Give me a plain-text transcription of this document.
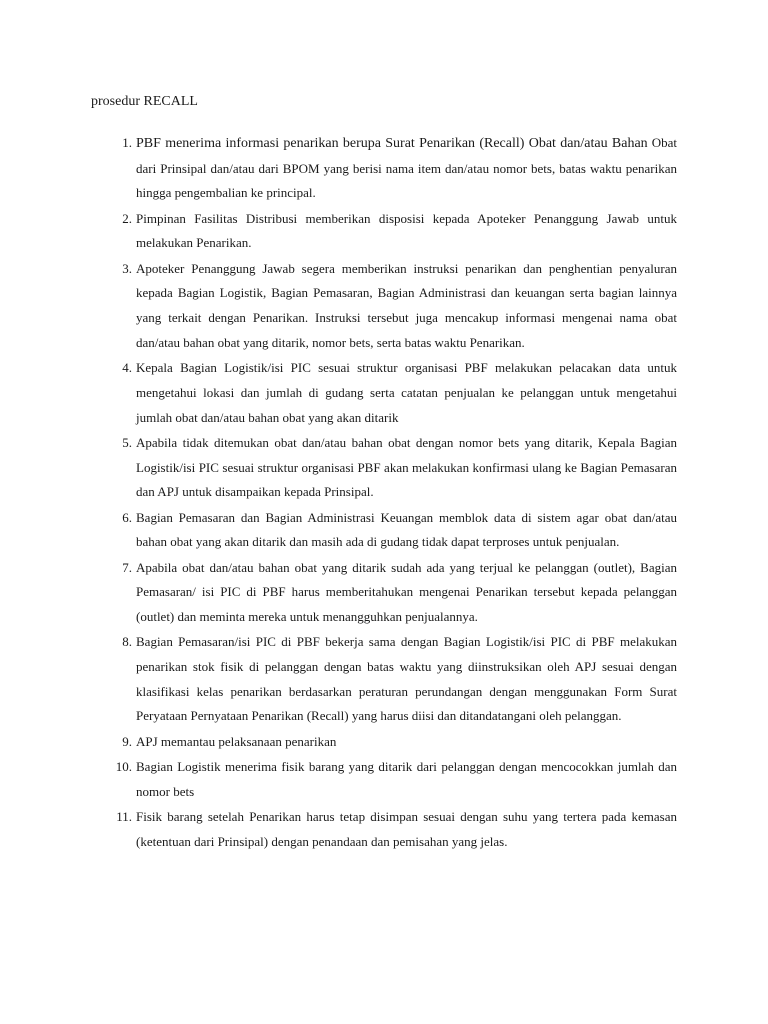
prosedur RECALL
1. PBF menerima informasi penarikan berupa Surat Penarikan (Recall) Obat dan/atau Bahan Obat dari Prinsipal dan/atau dari BPOM yang berisi nama item dan/atau nomor bets, batas waktu penarikan hingga pengembalian ke principal.
2. Pimpinan Fasilitas Distribusi memberikan disposisi kepada Apoteker Penanggung Jawab untuk melakukan Penarikan.
3. Apoteker Penanggung Jawab segera memberikan instruksi penarikan dan penghentian penyaluran kepada Bagian Logistik, Bagian Pemasaran, Bagian Administrasi dan keuangan serta bagian lainnya yang terkait dengan Penarikan. Instruksi tersebut juga mencakup informasi mengenai nama obat dan/atau bahan obat yang ditarik, nomor bets, serta batas waktu Penarikan.
4. Kepala Bagian Logistik/isi PIC sesuai struktur organisasi PBF melakukan pelacakan data untuk mengetahui lokasi dan jumlah di gudang serta catatan penjualan ke pelanggan untuk mengetahui jumlah obat dan/atau bahan obat yang akan ditarik
5. Apabila tidak ditemukan obat dan/atau bahan obat dengan nomor bets yang ditarik, Kepala Bagian Logistik/isi PIC sesuai struktur organisasi PBF akan melakukan konfirmasi ulang ke Bagian Pemasaran dan APJ untuk disampaikan kepada Prinsipal.
6. Bagian Pemasaran dan Bagian Administrasi Keuangan memblok data di sistem agar obat dan/atau bahan obat yang akan ditarik dan masih ada di gudang tidak dapat terproses untuk penjualan.
7. Apabila obat dan/atau bahan obat yang ditarik sudah ada yang terjual ke pelanggan (outlet), Bagian Pemasaran/ isi PIC di PBF harus memberitahukan mengenai Penarikan tersebut kepada pelanggan (outlet) dan meminta mereka untuk menangguhkan penjualannya.
8. Bagian Pemasaran/isi PIC di PBF bekerja sama dengan Bagian Logistik/isi PIC di PBF melakukan penarikan stok fisik di pelanggan dengan batas waktu yang diinstruksikan oleh APJ sesuai dengan klasifikasi kelas penarikan berdasarkan peraturan perundangan dengan menggunakan Form Surat Peryataan Pernyataan Penarikan (Recall) yang harus diisi dan ditandatangani oleh pelanggan.
9. APJ memantau pelaksanaan penarikan
10. Bagian Logistik menerima fisik barang yang ditarik dari pelanggan dengan mencocokkan jumlah dan nomor bets
11. Fisik barang setelah Penarikan harus tetap disimpan sesuai dengan suhu yang tertera pada kemasan (ketentuan dari Prinsipal) dengan penandaan dan pemisahan yang jelas.
